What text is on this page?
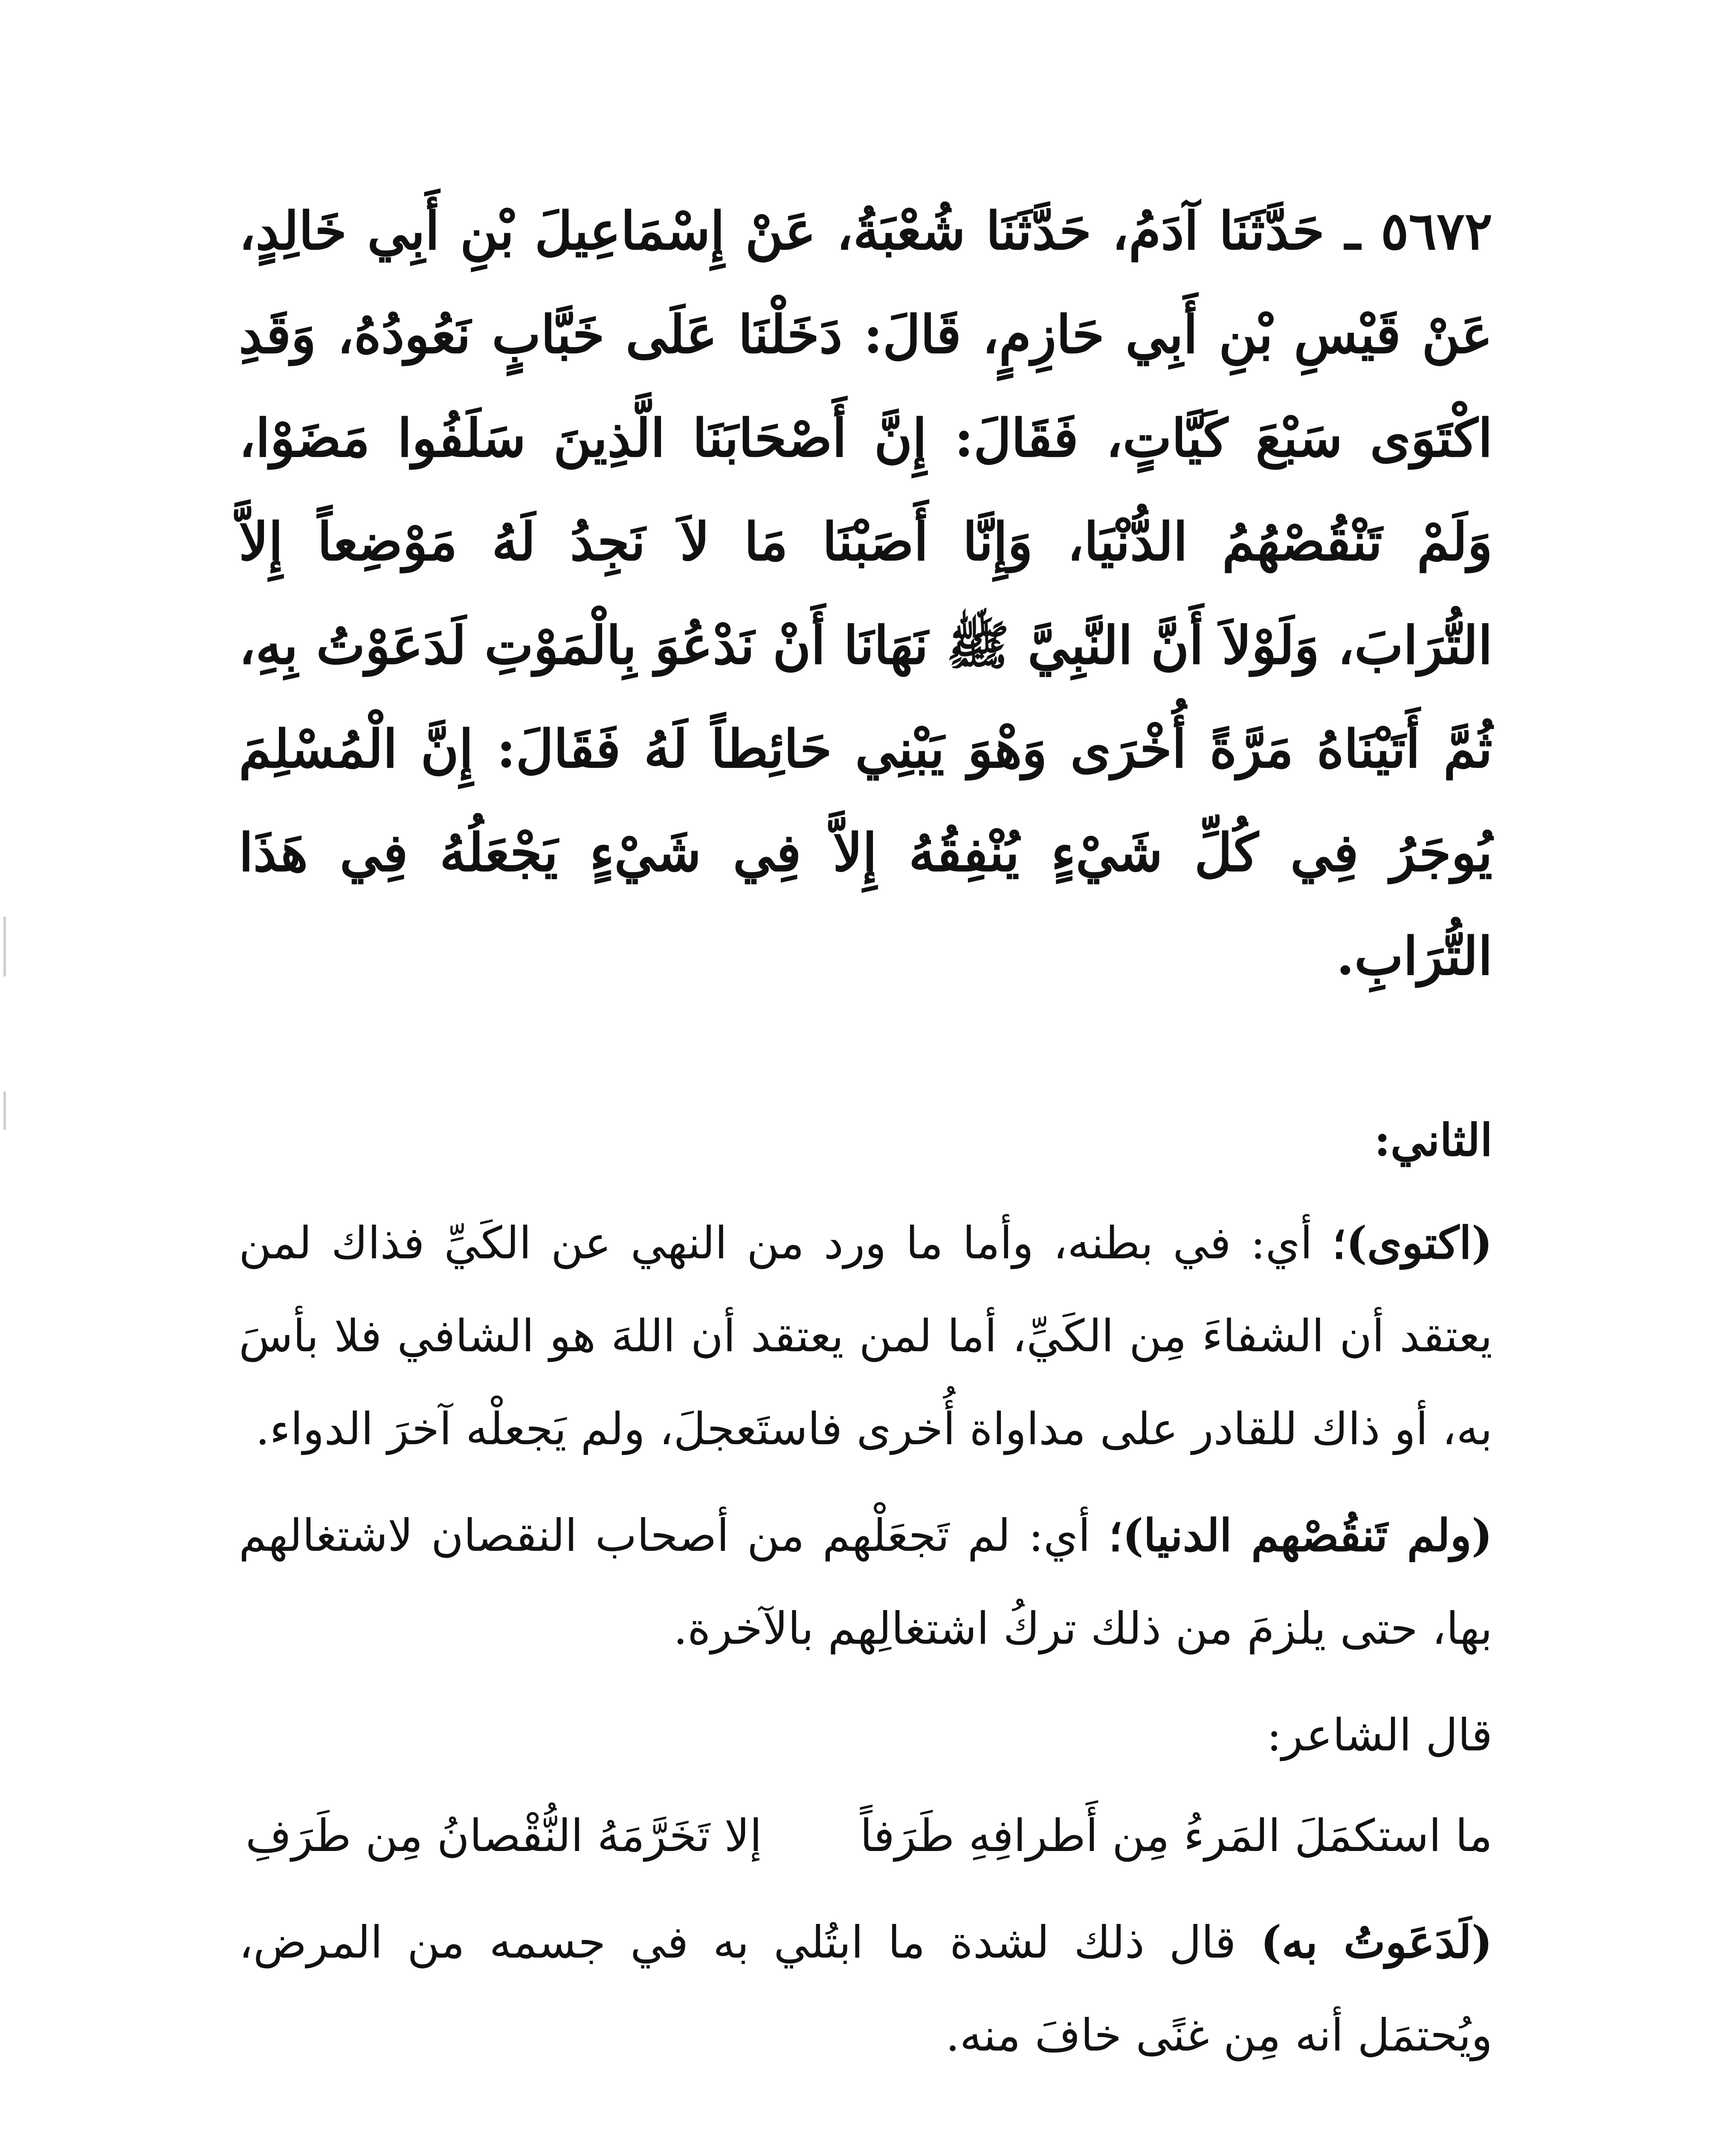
٥٦٧٢ ـ حَدَّثَنَا آدَمُ، حَدَّثَنَا شُعْبَةُ، عَنْ إِسْمَاعِيلَ بْنِ أَبِي خَالِدٍ، عَنْ قَيْسِ بْنِ أَبِي حَازِمٍ، قَالَ: دَخَلْنَا عَلَى خَبَّابٍ نَعُودُهُ، وَقَدِ اكْتَوَى سَبْعَ كَيَّاتٍ، فَقَالَ: إِنَّ أَصْحَابَنَا الَّذِينَ سَلَفُوا مَضَوْا، وَلَمْ تَنْقُصْهُمُ الدُّنْيَا، وَإِنَّا أَصَبْنَا مَا لاَ نَجِدُ لَهُ مَوْضِعاً إِلاَّ التُّرَابَ، وَلَوْلاَ أَنَّ النَّبِيَّ ﷺ نَهَانَا أَنْ نَدْعُوَ بِالْمَوْتِ لَدَعَوْتُ بِهِ، ثُمَّ أَتَيْنَاهُ مَرَّةً أُخْرَى وَهْوَ يَبْنِي حَائِطاً لَهُ فَقَالَ: إِنَّ الْمُسْلِمَ يُوجَرُ فِي كُلِّ شَيْءٍ يُنْفِقُهُ إِلاَّ فِي شَيْءٍ يَجْعَلُهُ فِي هَذَا التُّرَابِ.

الثاني:

(اكتوى)؛ أي: في بطنه، وأما ما ورد من النهي عن الكَيِّ فذاك لمن يعتقد أن الشفاءَ مِن الكَيِّ، أما لمن يعتقد أن اللهَ هو الشافي فلا بأسَ به، أو ذاك للقادر على مداواة أُخرى فاستَعجلَ، ولم يَجعلْه آخرَ الدواء.

(ولم تَنقُصْهم الدنيا)؛ أي: لم تَجعَلْهم من أصحاب النقصان لاشتغالهم بها، حتى يلزمَ من ذلك تركُ اشتغالِهم بالآخرة.

قال الشاعر:

ما استكمَلَ المَرءُ مِن أَطرافِهِ طَرَفاًإلا تَخَرَّمَهُ النُّقْصانُ مِن طَرَفِ

(لَدَعَوتُ به) قال ذلك لشدة ما ابتُلي به في جسمه من المرض، ويُحتمَل أنه مِن غنًى خافَ منه.
